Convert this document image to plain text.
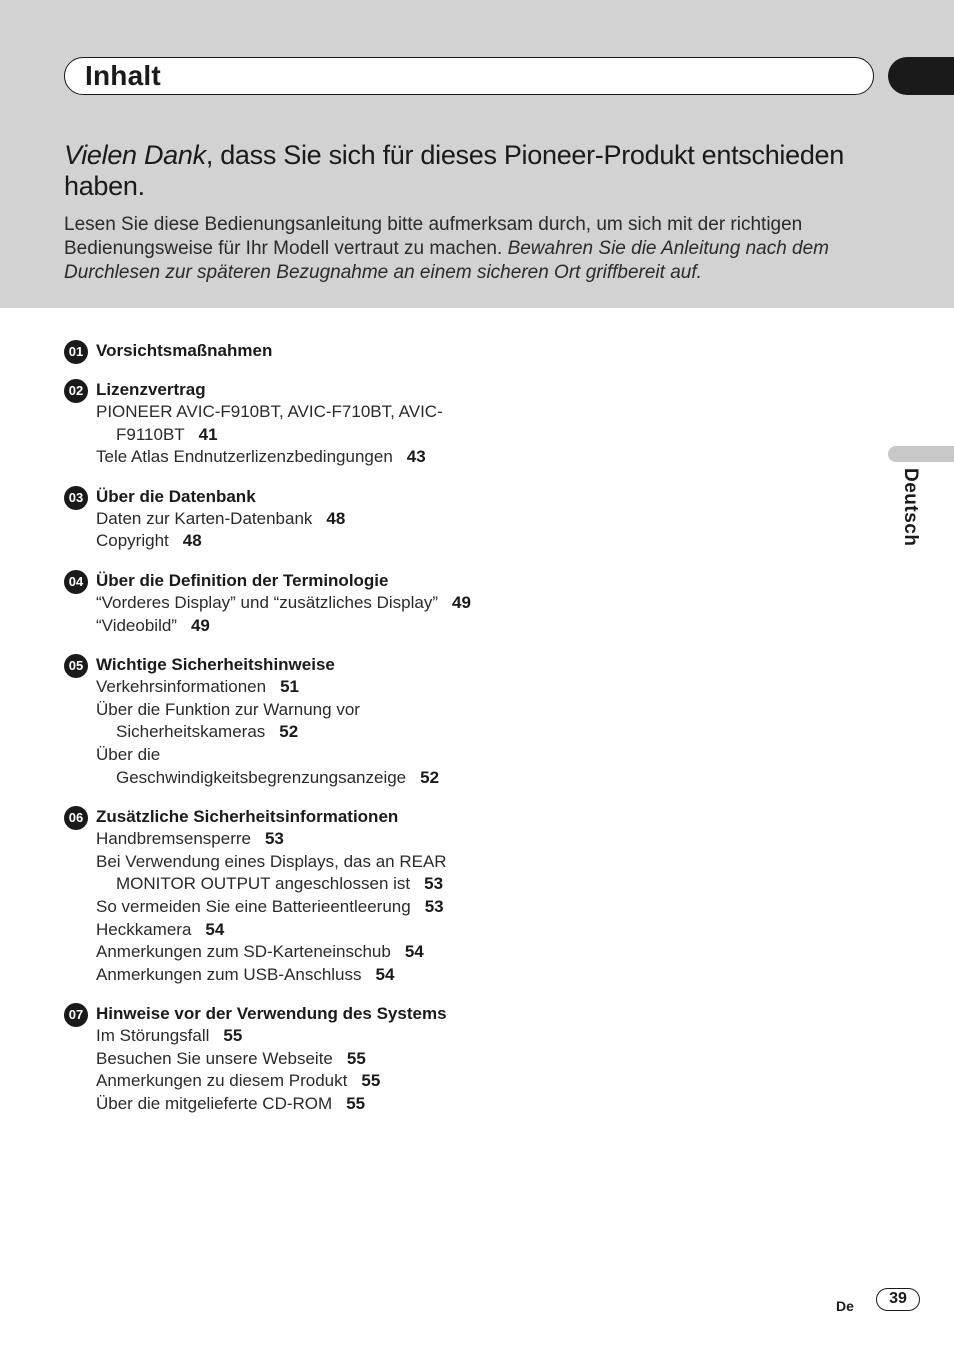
Inhalt
Vielen Dank, dass Sie sich für dieses Pioneer-Produkt entschieden haben.
Lesen Sie diese Bedienungsanleitung bitte aufmerksam durch, um sich mit der richtigen Bedienungsweise für Ihr Modell vertraut zu machen. Bewahren Sie die Anleitung nach dem Durchlesen zur späteren Bezugnahme an einem sicheren Ort griffbereit auf.
01 Vorsichtsmaßnahmen
02 Lizenzvertrag
PIONEER AVIC-F910BT, AVIC-F710BT, AVIC-F9110BT 41
Tele Atlas Endnutzerlizenzbedingungen 43
03 Über die Datenbank
Daten zur Karten-Datenbank 48
Copyright 48
04 Über die Definition der Terminologie
“Vorderes Display” und “zusätzliches Display” 49
“Videobild” 49
05 Wichtige Sicherheitshinweise
Verkehrsinformationen 51
Über die Funktion zur Warnung vor Sicherheitskameras 52
Über die Geschwindigkeitsbegrenzungsanzeige 52
06 Zusätzliche Sicherheitsinformationen
Handbremsensperre 53
Bei Verwendung eines Displays, das an REAR MONITOR OUTPUT angeschlossen ist 53
So vermeiden Sie eine Batterieentleerung 53
Heckkamera 54
Anmerkungen zum SD-Karteneinschub 54
Anmerkungen zum USB-Anschluss 54
07 Hinweise vor der Verwendung des Systems
Im Störungsfall 55
Besuchen Sie unsere Webseite 55
Anmerkungen zu diesem Produkt 55
Über die mitgelieferte CD-ROM 55
Deutsch
De	39
